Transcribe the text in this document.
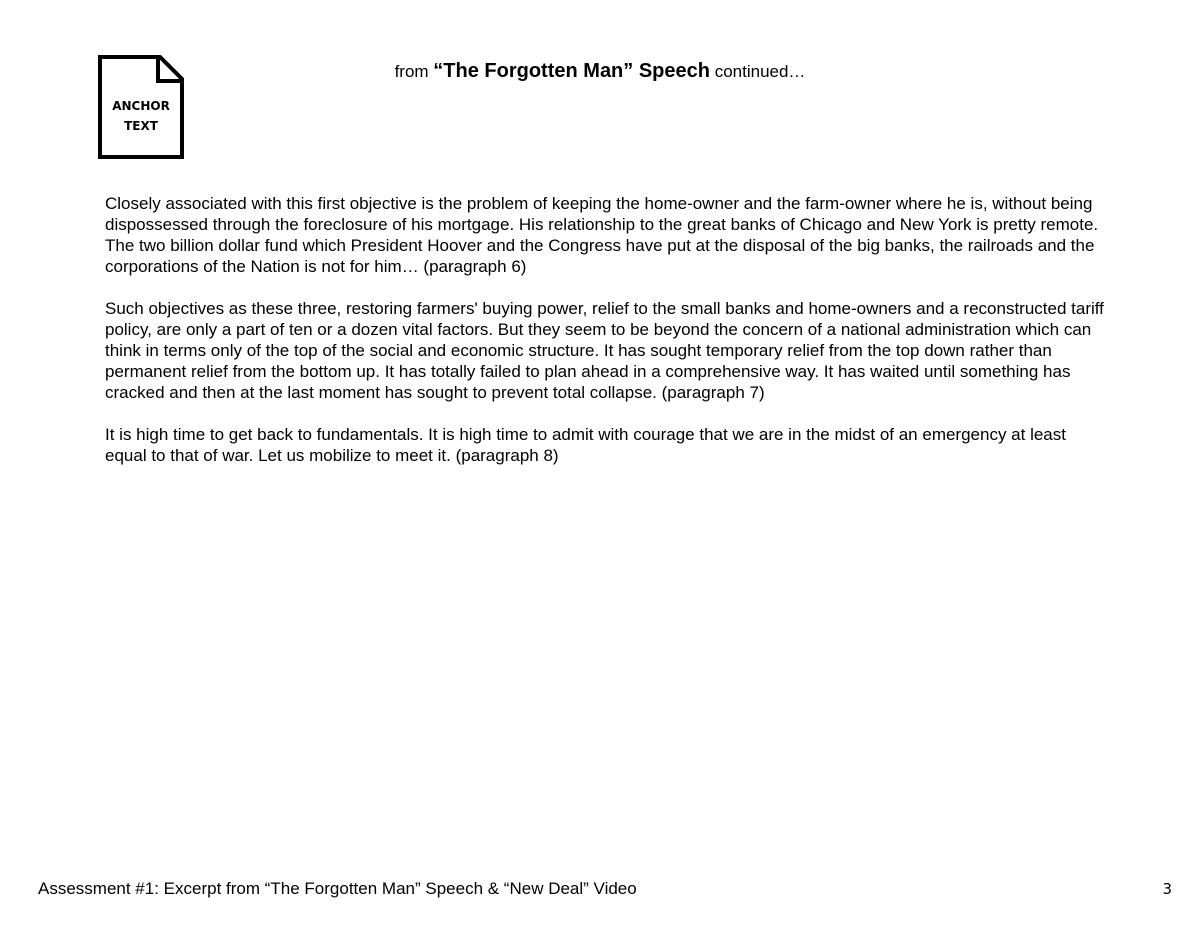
ANCHOR
TEXT
from “The Forgotten Man” Speech continued…

Closely associated with this first objective is the problem of keeping the home-owner and the farm-owner where he is, without being dispossessed through the foreclosure of his mortgage. His relationship to the great banks of Chicago and New York is pretty remote. The two billion dollar fund which President Hoover and the Congress have put at the disposal of the big banks, the railroads and the corporations of the Nation is not for him… (paragraph 6)

Such objectives as these three, restoring farmers' buying power, relief to the small banks and home-owners and a reconstructed tariff policy, are only a part of ten or a dozen vital factors. But they seem to be beyond the concern of a national administration which can think in terms only of the top of the social and economic structure. It has sought temporary relief from the top down rather than permanent relief from the bottom up. It has totally failed to plan ahead in a comprehensive way. It has waited until something has cracked and then at the last moment has sought to prevent total collapse. (paragraph 7)

It is high time to get back to fundamentals. It is high time to admit with courage that we are in the midst of an emergency at least equal to that of war. Let us mobilize to meet it. (paragraph 8)

Assessment #1: Excerpt from “The Forgotten Man” Speech & “New Deal” Video	3
